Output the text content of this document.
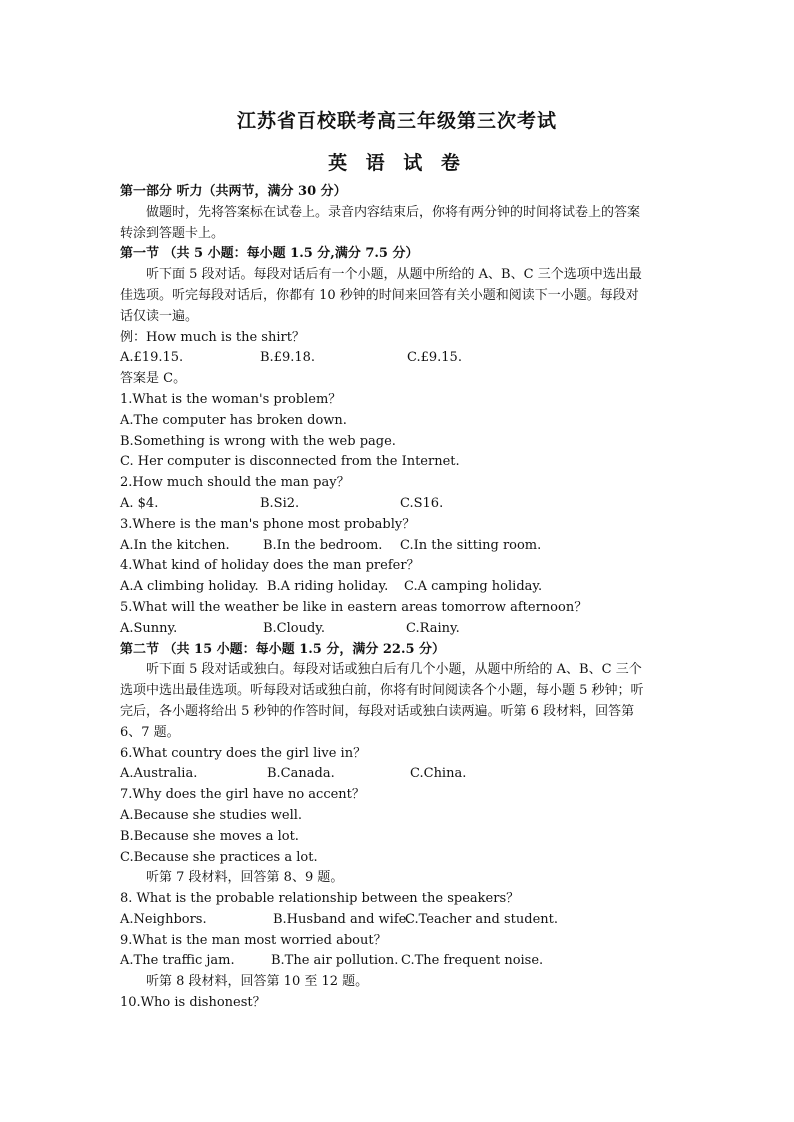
江苏省百校联考高三年级第三次考试
英 语 试 卷
第一部分 听力（共两节，满分 30 分）
做题时，先将答案标在试卷上。录音内容结束后，你将有两分钟的时间将试卷上的答案
转涂到答题卡上。
第一节 （共 5 小题：每小题 1.5 分,满分 7.5 分）
听下面 5 段对话。每段对话后有一个小题，从题中所给的 A、B、C 三个选项中选出最
佳选项。听完每段对话后，你都有 10 秒钟的时间来回答有关小题和阅读下一小题。每段对
话仅读一遍。
例：How much is the shirt？
A.£19.15.	B.£9.18.	C.£9.15.
答案是 C。
1.What is the woman's problem？
A.The computer has broken down.
B.Something is wrong with the web page.
C. Her computer is disconnected from the Internet.
2.How much should the man pay？
A. $4.	B.Si2.	C.S16.
3.Where is the man's phone most probably？
A.In the kitchen.	B.In the bedroom.	C.In the sitting room.
4.What kind of holiday does the man prefer？
A.A climbing holiday. B.A riding holiday.	C.A camping holiday.
5.What will the weather be like in eastern areas tomorrow afternoon？
A.Sunny.	B.Cloudy.	C.Rainy.
第二节 （共 15 小题：每小题 1.5 分，满分 22.5 分）
听下面 5 段对话或独白。每段对话或独白后有几个小题，从题中所给的 A、B、C 三个
选项中选出最佳选项。听每段对话或独白前，你将有时间阅读各个小题，每小题 5 秒钟；听
完后，各小题将给出 5 秒钟的作答时间，每段对话或独白读两遍。听第 6 段材料，回答第
6、7 题。
6.What country does the girl live in？
A.Australia.	B.Canada.	C.China.
7.Why does the girl have no accent？
A.Because she studies well.
B.Because she moves a lot.
C.Because she practices a lot.
听第 7 段材料，回答第 8、9 题。
8. What is the probable relationship between the speakers？
A.Neighbors.	B.Husband and wife.
C.Teacher and student.
9.What is the man most worried about？
A.The traffic jam.	B.The air pollution. C.The frequent noise.
听第 8 段材料，回答第 10 至 12 题。
10.Who is dishonest？
